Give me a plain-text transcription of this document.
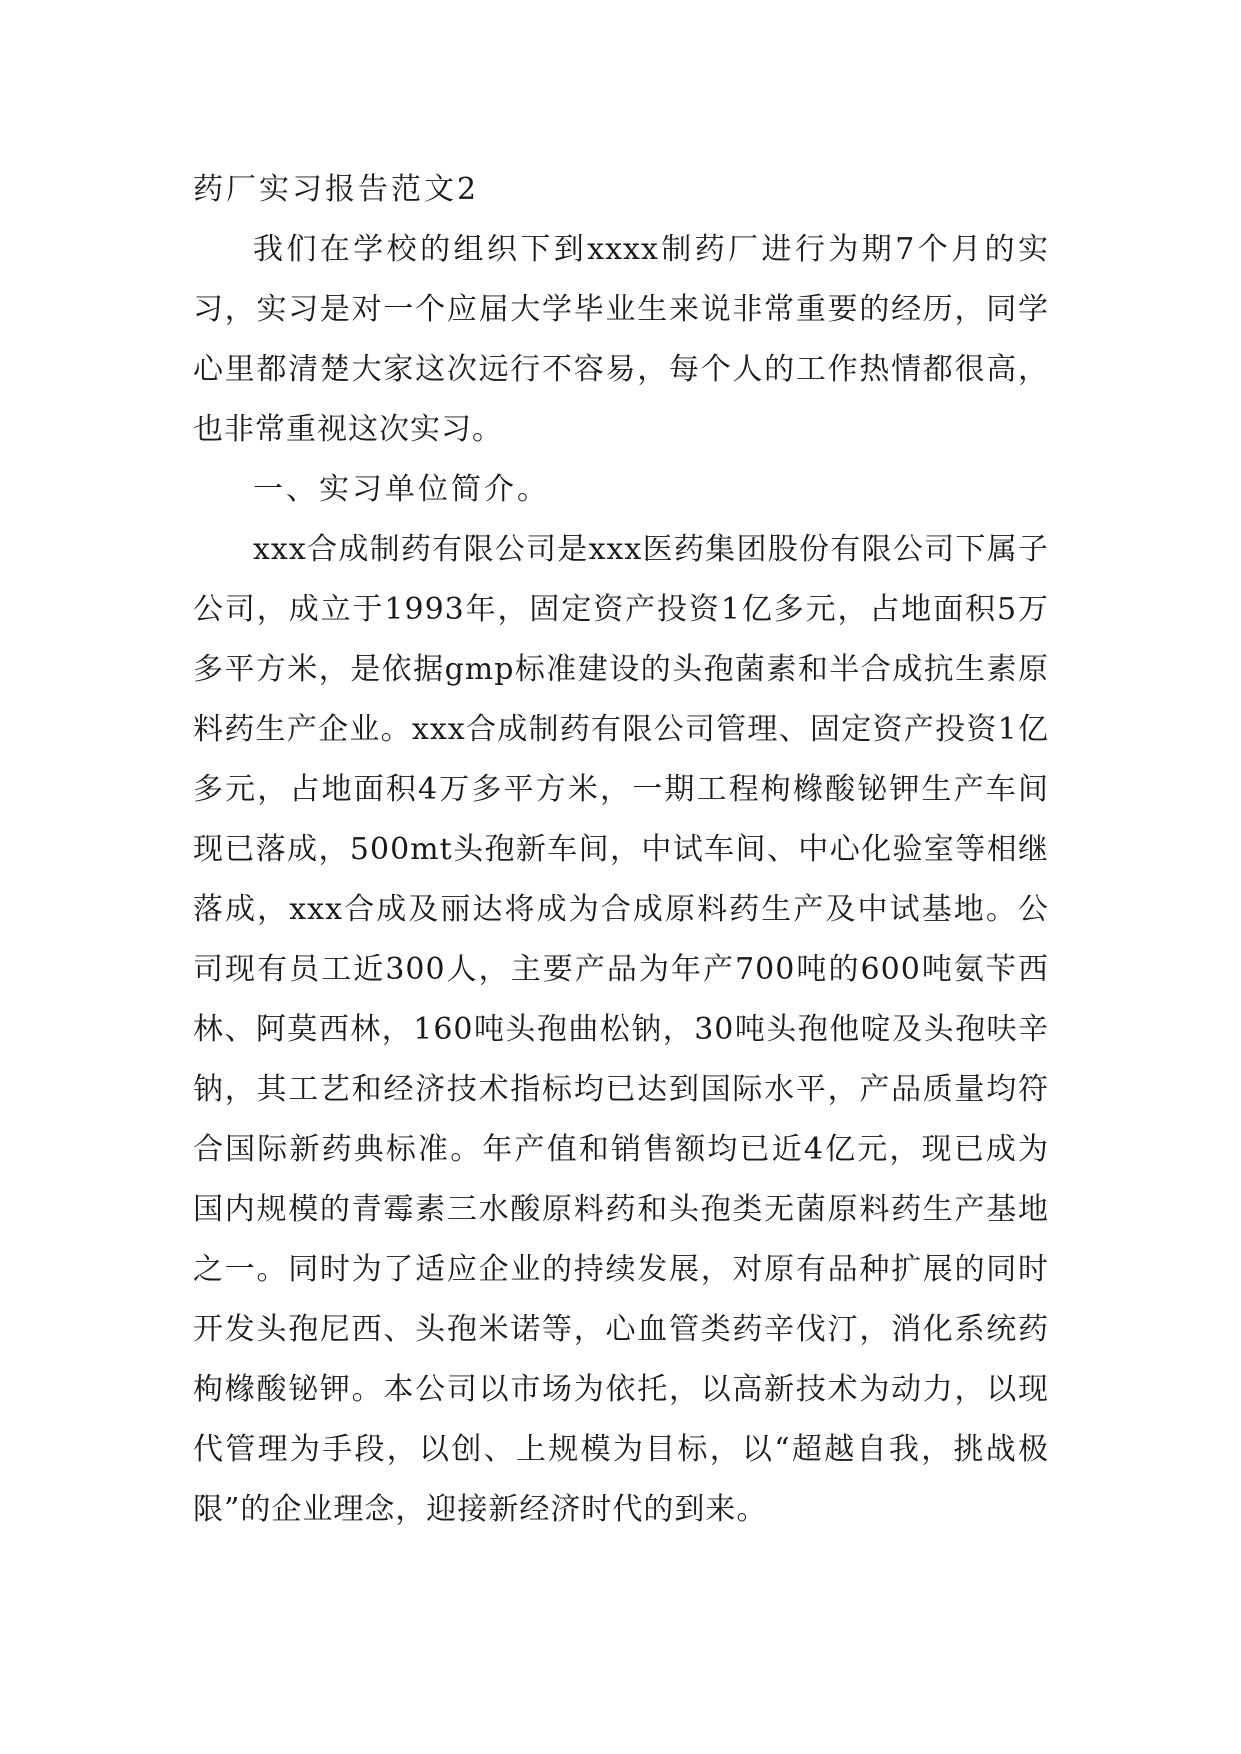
药厂实习报告范文2

我们在学校的组织下到xxxx制药厂进行为期7个月的实习，实习是对一个应届大学毕业生来说非常重要的经历，同学心里都清楚大家这次远行不容易，每个人的工作热情都很高，也非常重视这次实习。

一、实习单位简介。

xxx合成制药有限公司是xxx医药集团股份有限公司下属子公司，成立于1993年，固定资产投资1亿多元，占地面积5万多平方米，是依据gmp标准建设的头孢菌素和半合成抗生素原料药生产企业。xxx合成制药有限公司管理、固定资产投资1亿多元，占地面积4万多平方米，一期工程枸橼酸铋钾生产车间现已落成，500mt头孢新车间，中试车间、中心化验室等相继落成，xxx合成及丽达将成为合成原料药生产及中试基地。公司现有员工近300人，主要产品为年产700吨的600吨氨苄西林、阿莫西林，160吨头孢曲松钠，30吨头孢他啶及头孢呋辛钠，其工艺和经济技术指标均已达到国际水平，产品质量均符合国际新药典标准。年产值和销售额均已近4亿元，现已成为国内规模的青霉素三水酸原料药和头孢类无菌原料药生产基地之一。同时为了适应企业的持续发展，对原有品种扩展的同时开发头孢尼西、头孢米诺等，心血管类药辛伐汀，消化系统药枸橼酸铋钾。本公司以市场为依托，以高新技术为动力，以现代管理为手段，以创、上规模为目标，以“超越自我，挑战极限”的企业理念，迎接新经济时代的到来。
